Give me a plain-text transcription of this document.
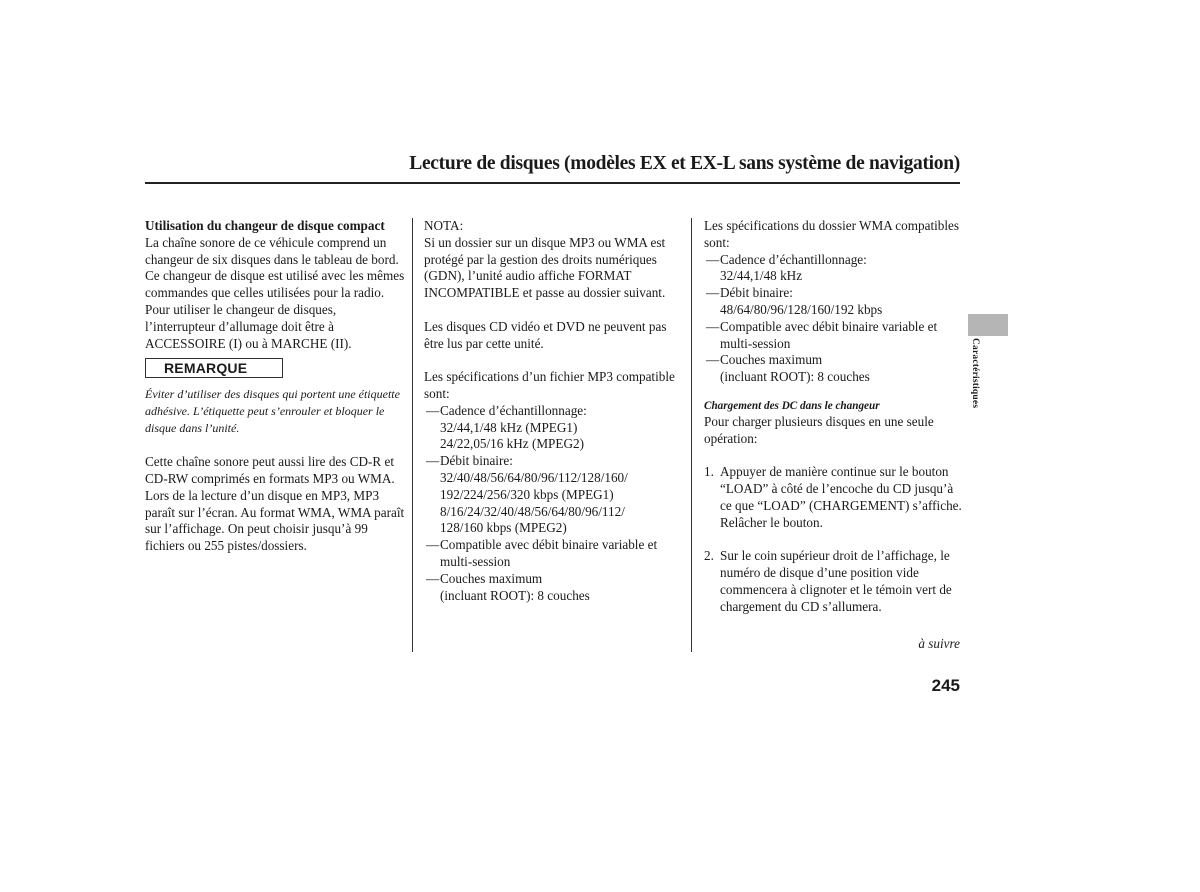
Lecture de disques (modèles EX et EX-L sans système de navigation)

Utilisation du changeur de disque compact

La chaîne sonore de ce véhicule comprend un changeur de six disques dans le tableau de bord. Ce changeur de disque est utilisé avec les mêmes commandes que celles utilisées pour la radio. Pour utiliser le changeur de disques, l’interrupteur d’allumage doit être à ACCESSOIRE (I) ou à MARCHE (II).

REMARQUE

Éviter d’utiliser des disques qui portent une étiquette adhésive. L’étiquette peut s’enrouler et bloquer le disque dans l’unité.

Cette chaîne sonore peut aussi lire des CD-R et CD-RW comprimés en formats MP3 ou WMA. Lors de la lecture d’un disque en MP3, MP3 paraît sur l’écran. Au format WMA, WMA paraît sur l’affichage. On peut choisir jusqu’à 99 fichiers ou 255 pistes/dossiers.

NOTA:

Si un dossier sur un disque MP3 ou WMA est protégé par la gestion des droits numériques (GDN), l’unité audio affiche FORMAT INCOMPATIBLE et passe au dossier suivant.

Les disques CD vidéo et DVD ne peuvent pas être lus par cette unité.

Les spécifications d’un fichier MP3 compatible sont:

— Cadence d’échantillonnage:
32/44,1/48 kHz (MPEG1)
24/22,05/16 kHz (MPEG2)
— Débit binaire:
32/40/48/56/64/80/96/112/128/160/
192/224/256/320 kbps (MPEG1)
8/16/24/32/40/48/56/64/80/96/112/
128/160 kbps (MPEG2)
— Compatible avec débit binaire variable et multi-session
— Couches maximum
(incluant ROOT): 8 couches

Les spécifications du dossier WMA compatibles sont:

— Cadence d’échantillonnage:
32/44,1/48 kHz
— Débit binaire:
48/64/80/96/128/160/192 kbps
— Compatible avec débit binaire variable et multi-session
— Couches maximum
(incluant ROOT): 8 couches

Chargement des DC dans le changeur

Pour charger plusieurs disques en une seule opération:

1. Appuyer de manière continue sur le bouton “LOAD” à côté de l’encoche du CD jusqu’à ce que “LOAD” (CHARGEMENT) s’affiche. Relâcher le bouton.
2. Sur le coin supérieur droit de l’affichage, le numéro de disque d’une position vide commencera à clignoter et le témoin vert de chargement du CD s’allumera.
à suivre
245
Caractéristiques
